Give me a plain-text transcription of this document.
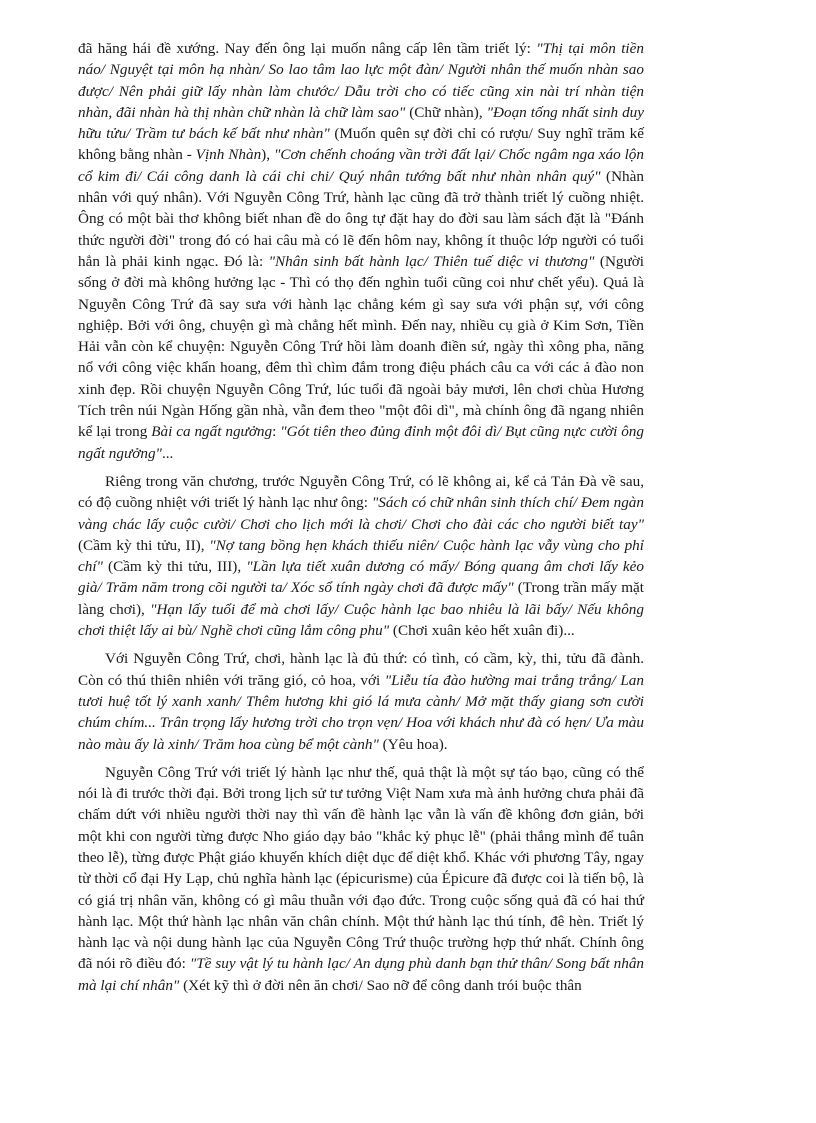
đã hăng hái đề xướng. Nay đến ông lại muốn nâng cấp lên tầm triết lý: "Thị tại môn tiền náo/ Nguyệt tại môn hạ nhàn/ So lao tâm lao lực một đàn/ Người nhân thế muốn nhàn sao được/ Nên phải giữ lấy nhàn làm chước/ Dẫu trời cho có tiếc cũng xin nài trí nhàn tiện nhàn, đãi nhàn hà thị nhàn chữ nhàn là chữ làm sao" (Chữ nhàn), "Đoạn tống nhất sinh duy hữu tửu/ Trầm tư bách kế bất như nhàn" (Muốn quên sự đời chỉ có rượu/ Suy nghĩ trăm kế không bằng nhàn - Vịnh Nhàn), "Cơn chếnh choáng vần trời đất lại/ Chốc ngâm nga xáo lộn cổ kim đi/ Cái công danh là cái chi chi/ Quý nhân tướng bất như nhàn nhân quý" (Nhàn nhân với quý nhân). Với Nguyễn Công Trứ, hành lạc cũng đã trở thành triết lý cuồng nhiệt. Ông có một bài thơ không biết nhan đề do ông tự đặt hay do đời sau làm sách đặt là "Đánh thức người đời" trong đó có hai câu mà có lẽ đến hôm nay, không ít thuộc lớp người có tuổi hẳn là phải kinh ngạc. Đó là: "Nhân sinh bất hành lạc/ Thiên tuế diệc vi thương" (Người sống ở đời mà không hưởng lạc - Thì có thọ đến nghìn tuổi cũng coi như chết yểu). Quả là Nguyễn Công Trứ đã say sưa với hành lạc chẳng kém gì say sưa với phận sự, với công nghiệp. Bởi với ông, chuyện gì mà chẳng hết mình. Đến nay, nhiều cụ già ở Kim Sơn, Tiền Hải vẫn còn kể chuyện: Nguyễn Công Trứ hồi làm doanh điền sứ, ngày thì xông pha, năng nổ với công việc khẩn hoang, đêm thì chìm đắm trong điệu phách câu ca với các ả đào non xinh đẹp. Rồi chuyện Nguyễn Công Trứ, lúc tuổi đã ngoài bảy mươi, lên chơi chùa Hương Tích trên núi Ngàn Hống gần nhà, vẫn đem theo "một đôi dì", mà chính ông đã ngang nhiên kể lại trong Bài ca ngất ngưởng: "Gót tiên theo đủng đỉnh một đôi dì/ Bụt cũng nực cười ông ngất ngưởng"...

Riêng trong văn chương, trước Nguyễn Công Trứ, có lẽ không ai, kể cả Tản Đà về sau, có độ cuồng nhiệt với triết lý hành lạc như ông: "Sách có chữ nhân sinh thích chí/ Đem ngàn vàng chác lấy cuộc cười/ Chơi cho lịch mới là chơi/ Chơi cho đài các cho người biết tay" (Cầm kỳ thi tửu, II), "Nợ tang bồng hẹn khách thiếu niên/ Cuộc hành lạc vẫy vùng cho phỉ chí" (Cầm kỳ thi tửu, III), "Lần lựa tiết xuân dương có mấy/ Bóng quang âm chơi lấy kẻo già/ Trăm năm trong cõi người ta/ Xóc sổ tính ngày chơi đã được mấy" (Trong trần mấy mặt làng chơi), "Hạn lấy tuổi để mà chơi lấy/ Cuộc hành lạc bao nhiêu là lãi bấy/ Nếu không chơi thiệt lấy ai bù/ Nghề chơi cũng lắm công phu" (Chơi xuân kẻo hết xuân đi)...

Với Nguyễn Công Trứ, chơi, hành lạc là đủ thứ: có tình, có cầm, kỳ, thi, tửu đã đành. Còn có thú thiên nhiên với trăng gió, cỏ hoa, với "Liễu tía đào hường mai trắng trắng/ Lan tươi huệ tốt lý xanh xanh/ Thêm hương khi gió lá mưa cành/ Mở mặt thấy giang sơn cười chúm chím... Trân trọng lấy hương trời cho trọn vẹn/ Hoa với khách như đà có hẹn/ Ưa màu nào màu ấy là xinh/ Trăm hoa cùng bể một cành" (Yêu hoa).

Nguyễn Công Trứ với triết lý hành lạc như thế, quả thật là một sự táo bạo, cũng có thể nói là đi trước thời đại. Bởi trong lịch sử tư tưởng Việt Nam xưa mà ảnh hưởng chưa phải đã chấm dứt với nhiều người thời nay thì vấn đề hành lạc vẫn là vấn đề không đơn giản, bởi một khi con người từng được Nho giáo dạy bảo "khắc kỷ phục lễ" (phải thắng mình để tuân theo lễ), từng được Phật giáo khuyến khích diệt dục để diệt khổ. Khác với phương Tây, ngay từ thời cổ đại Hy Lạp, chủ nghĩa hành lạc (épicurisme) của Épicure đã được coi là tiến bộ, là có giá trị nhân văn, không có gì mâu thuẫn với đạo đức. Trong cuộc sống quả đã có hai thứ hành lạc. Một thứ hành lạc nhân văn chân chính. Một thứ hành lạc thú tính, đê hèn. Triết lý hành lạc và nội dung hành lạc của Nguyễn Công Trứ thuộc trường hợp thứ nhất. Chính ông đã nói rõ điều đó: "Tề suy vật lý tu hành lạc/ An dụng phù danh bạn thử thân/ Song bất nhân mà lại chí nhân" (Xét kỹ thì ở đời nên ăn chơi/ Sao nỡ để công danh trói buộc thân
